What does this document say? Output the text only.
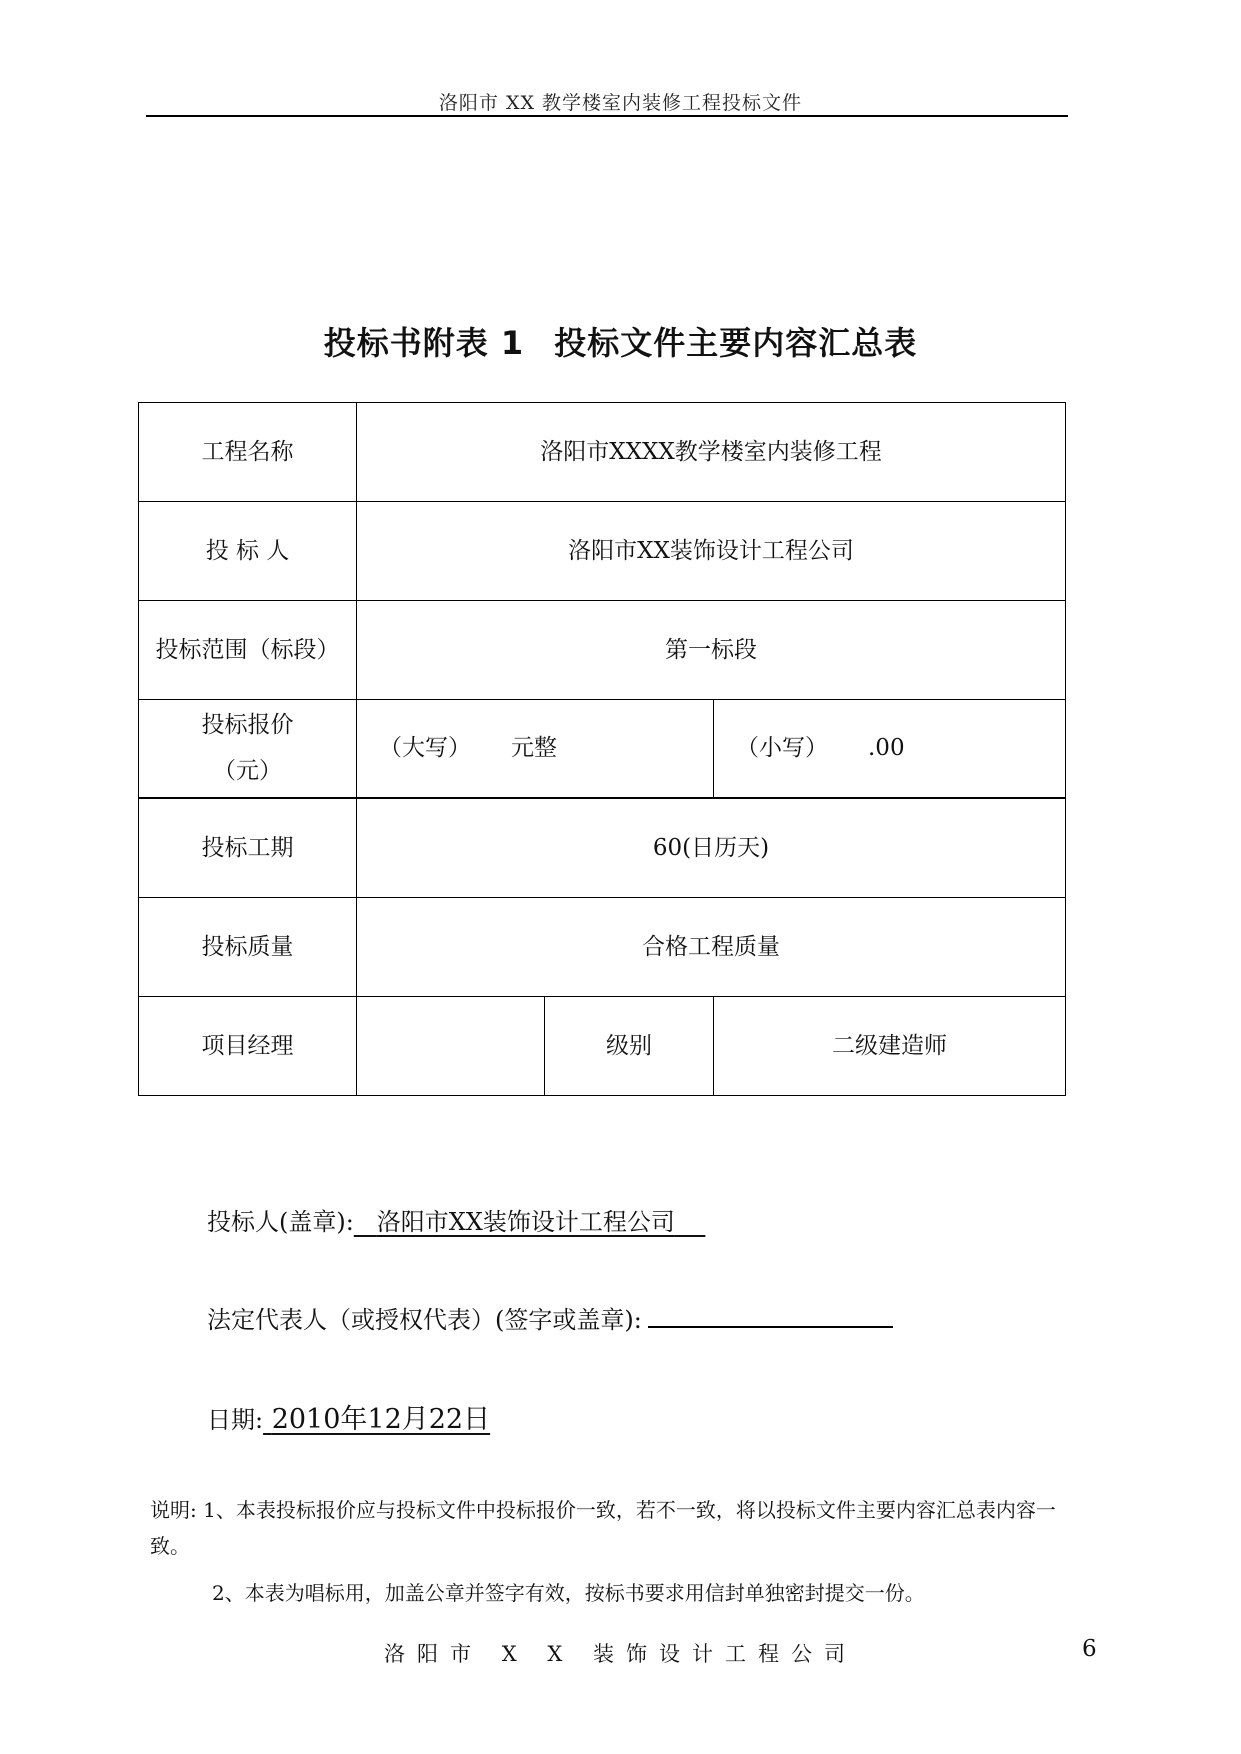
洛阳市 XX 教学楼室内装修工程投标文件
投标书附表 1 投标文件主要内容汇总表
工程名称	洛阳市XXXX教学楼室内装修工程		
投 标 人	洛阳市XX装饰设计工程公司		
投标范围（标段）	第一标段		

投标报价
（元）	（大写） 元整		（小写） .00
投标工期	60(日历天)		
投标质量	合格工程质量		
项目经理		级别	二级建造师
投标人(盖章): 洛阳市XX装饰设计工程公司
法定代表人（或授权代表）(签字或盖章):
日期: 2010年12月22日
说明: 1、本表投标报价应与投标文件中投标报价一致，若不一致，将以投标文件主要内容汇总表内容一致。
2、本表为唱标用，加盖公章并签字有效，按标书要求用信封单独密封提交一份。
洛阳市 X X 装饰设计工程公司	6
